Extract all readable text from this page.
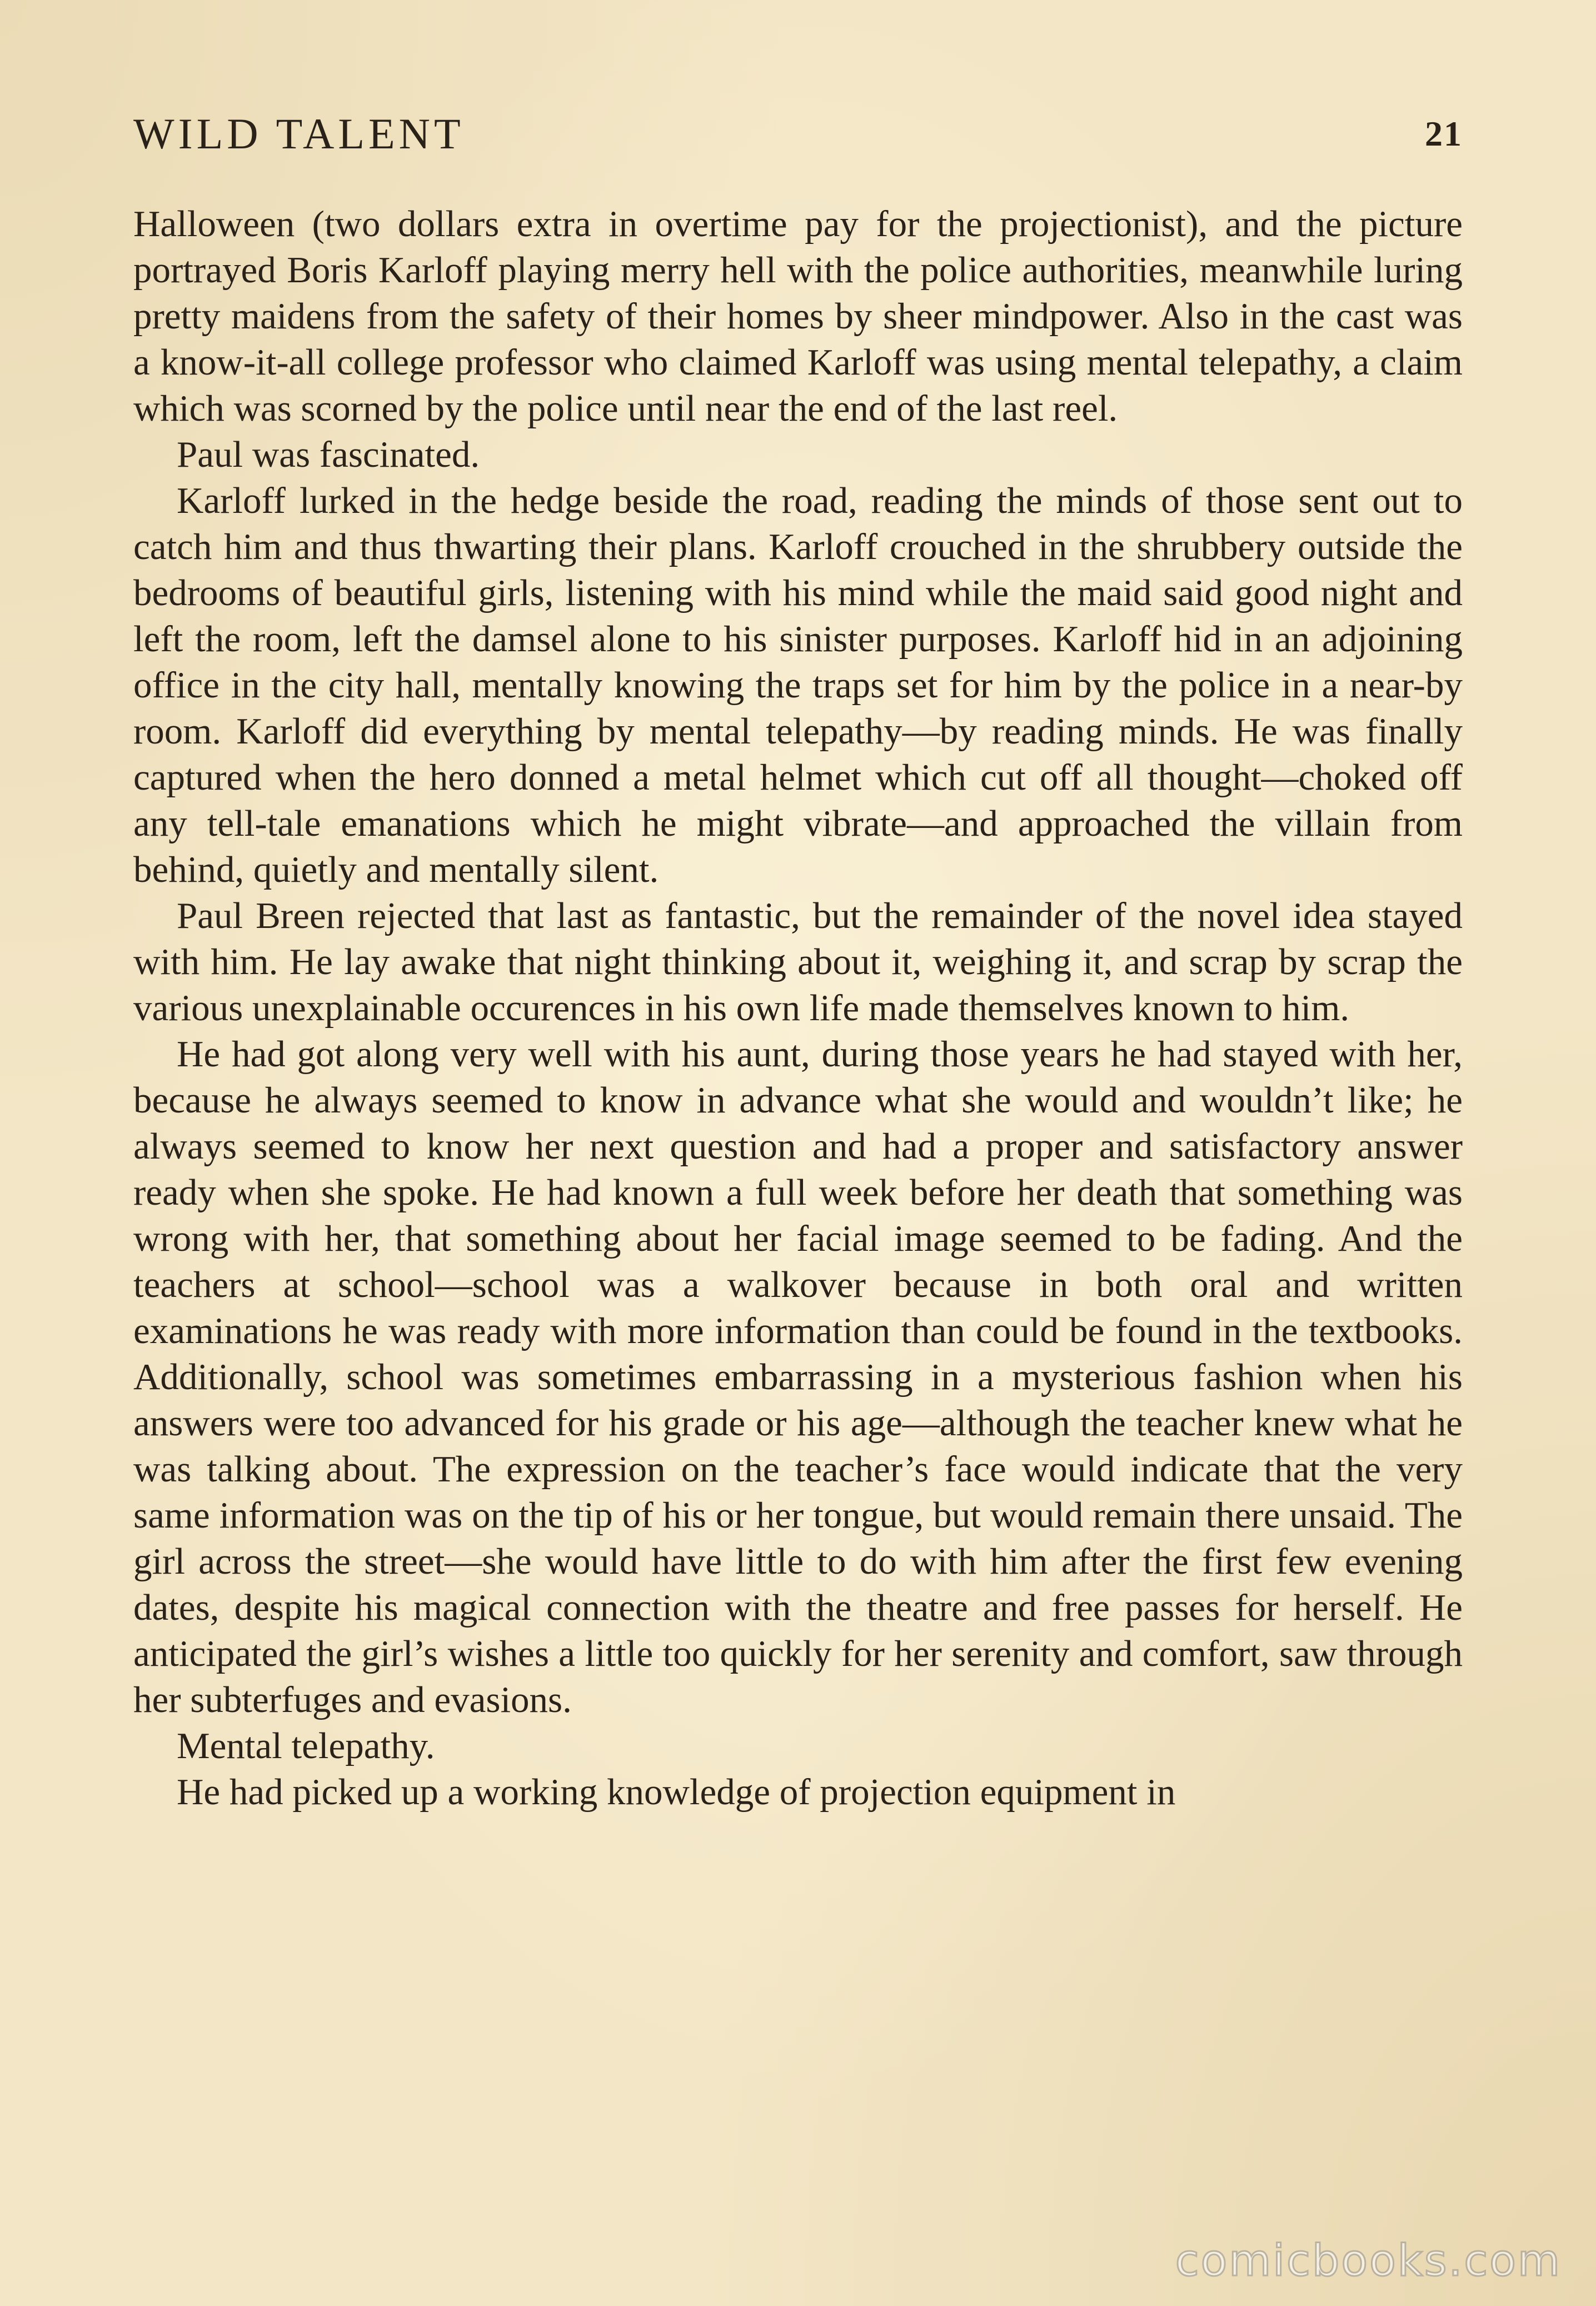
WILD TALENT	21

Halloween (two dollars extra in overtime pay for the projectionist), and the picture portrayed Boris Karloff playing merry hell with the police authorities, meanwhile luring pretty maidens from the safety of their homes by sheer mindpower. Also in the cast was a know-it-all college professor who claimed Karloff was using mental telepathy, a claim which was scorned by the police until near the end of the last reel.

Paul was fascinated.

Karloff lurked in the hedge beside the road, reading the minds of those sent out to catch him and thus thwarting their plans. Karloff crouched in the shrubbery outside the bedrooms of beautiful girls, listening with his mind while the maid said good night and left the room, left the damsel alone to his sinister purposes. Karloff hid in an adjoining office in the city hall, mentally knowing the traps set for him by the police in a near-by room. Karloff did everything by mental telepathy—by reading minds. He was finally captured when the hero donned a metal helmet which cut off all thought—choked off any tell-tale emanations which he might vibrate—and approached the villain from behind, quietly and mentally silent.

Paul Breen rejected that last as fantastic, but the remainder of the novel idea stayed with him. He lay awake that night thinking about it, weighing it, and scrap by scrap the various unexplainable occurences in his own life made themselves known to him.

He had got along very well with his aunt, during those years he had stayed with her, because he always seemed to know in advance what she would and wouldn’t like; he always seemed to know her next question and had a proper and satisfactory answer ready when she spoke. He had known a full week before her death that something was wrong with her, that something about her facial image seemed to be fading. And the teachers at school—school was a walkover because in both oral and written examinations he was ready with more information than could be found in the textbooks. Additionally, school was sometimes embarrassing in a mysterious fashion when his answers were too advanced for his grade or his age—although the teacher knew what he was talking about. The expression on the teacher’s face would indicate that the very same information was on the tip of his or her tongue, but would remain there unsaid. The girl across the street—she would have little to do with him after the first few evening dates, despite his magical connection with the theatre and free passes for herself. He anticipated the girl’s wishes a little too quickly for her serenity and comfort, saw through her subterfuges and evasions.

Mental telepathy.

He had picked up a working knowledge of projection equipment in

comicbooks.com
